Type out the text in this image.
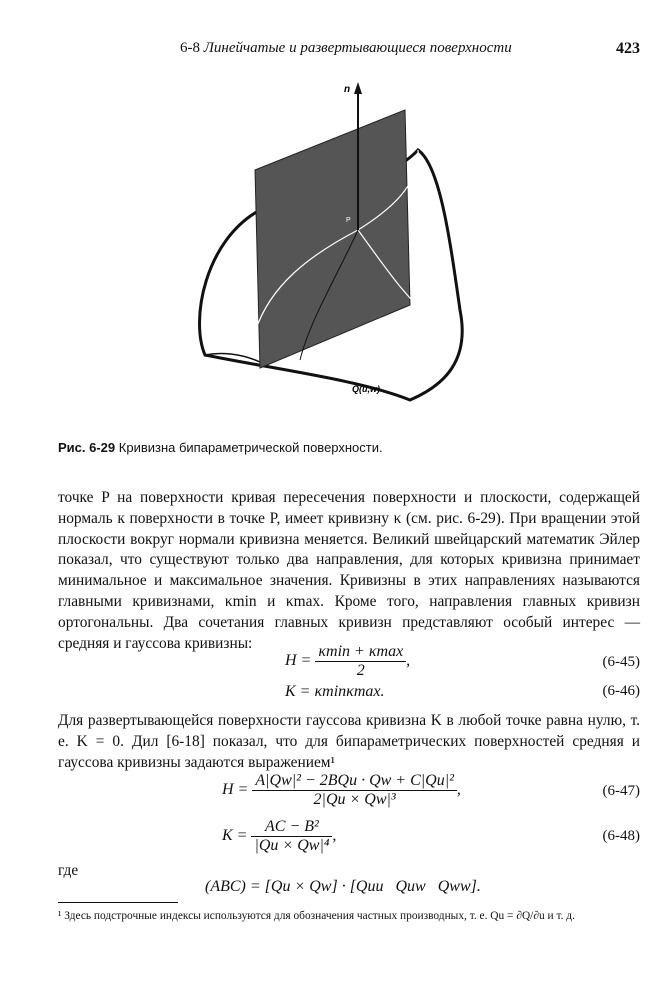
6-8 Линейчатые и развертывающиеся поверхности	423
n
P
Q(u,w)
Рис. 6-29 Кривизна бипараметрической поверхности.
точке P на поверхности кривая пересечения поверхности и плоскости, содержащей нормаль к поверхности в точке P, имеет кривизну κ (см. рис. 6-29). При вращении этой плоскости вокруг нормали кривизна меняется. Великий швейцарский математик Эйлер показал, что существуют только два направления, для которых кривизна принимает минимальное и максимальное значения. Кривизны в этих направлениях называются главными кривизнами, κmin и κmax. Кроме того, направления главных кривизн ортогональны. Два сочетания главных кривизн представляют особый интерес — средняя и гауссова кривизны:
$H = \frac{\kappa\min + \kappa\max}{2}$ ,	(6-45)
K = κminκmax.	(6-46)
Для развертывающейся поверхности гауссова кривизна K в любой точке равна нулю, т. е. K = 0. Дил [6-18] показал, что для бипараметрических поверхностей средняя и гауссова кривизны задаются выражением¹
$H = \frac{\text{A|Qw|² − 2BQu · Qw + C|Qu|²}}{\text{2|Qu × Qw|³}}$ ,	(6-47)
$K = \frac{\text{AC − B²}}{\text{|Qu × Qw|⁴}}$ ,	(6-48)
где
(ABC) = [Qu × Qw] · [Quu   Quw   Qww].
¹ Здесь подстрочные индексы используются для обозначения частных производных, т. е. Qu = ∂Q/∂u и т. д.
